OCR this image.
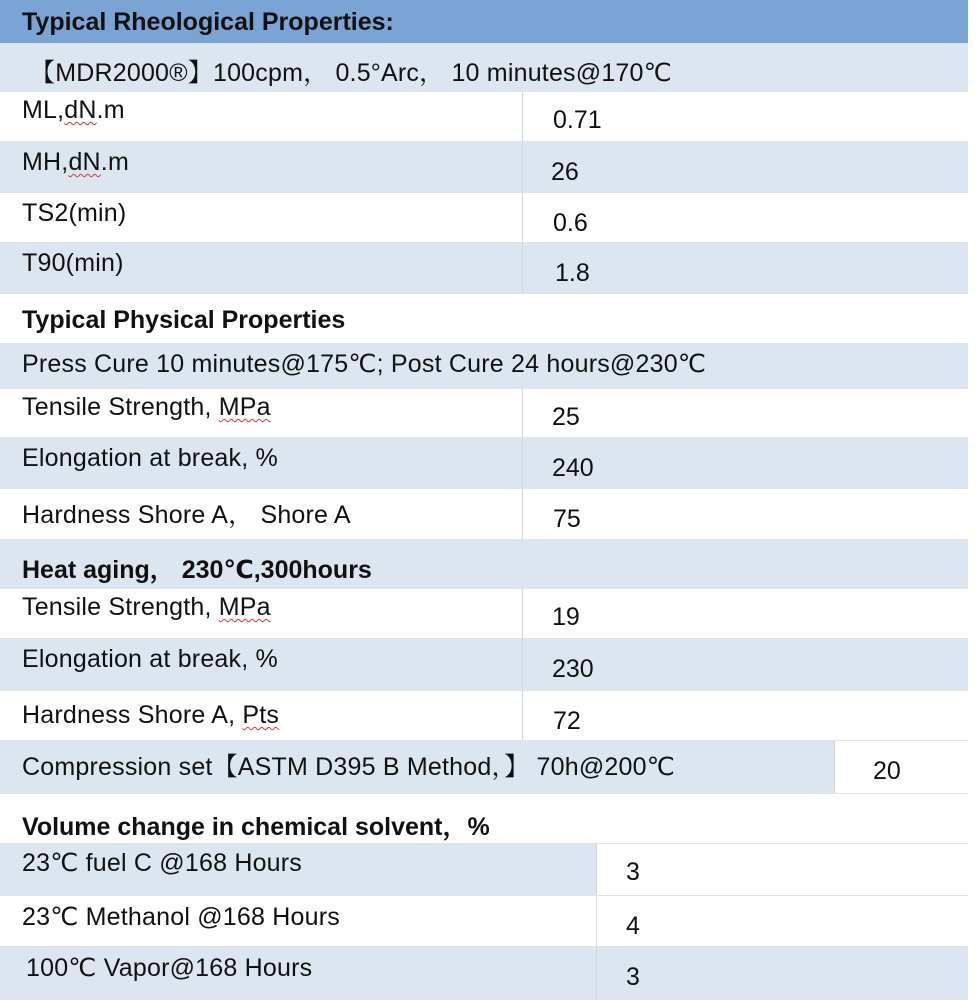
Typical Rheological Properties:
【MDR2000®】100cpm， 0.5°Arc， 10 minutes@170℃
ML,dN.m	0.71
MH,dN.m	26
TS2(min)	0.6
T90(min)	1.8
Typical Physical Properties
Press Cure 10 minutes@175℃; Post Cure 24 hours@230℃
Tensile Strength, MPa	25
Elongation at break, %	240
Hardness Shore A， Shore A	75
Heat aging， 230℃,300hours
Tensile Strength, MPa	19
Elongation at break, %	230
Hardness Shore A, Pts	72
Compression set【ASTM D395 B Method，】 70h@200℃	20
Volume change in chemical solvent，%
23℃ fuel C @168 Hours	3
23℃ Methanol @168 Hours	4
100℃ Vapor@168 Hours	3
